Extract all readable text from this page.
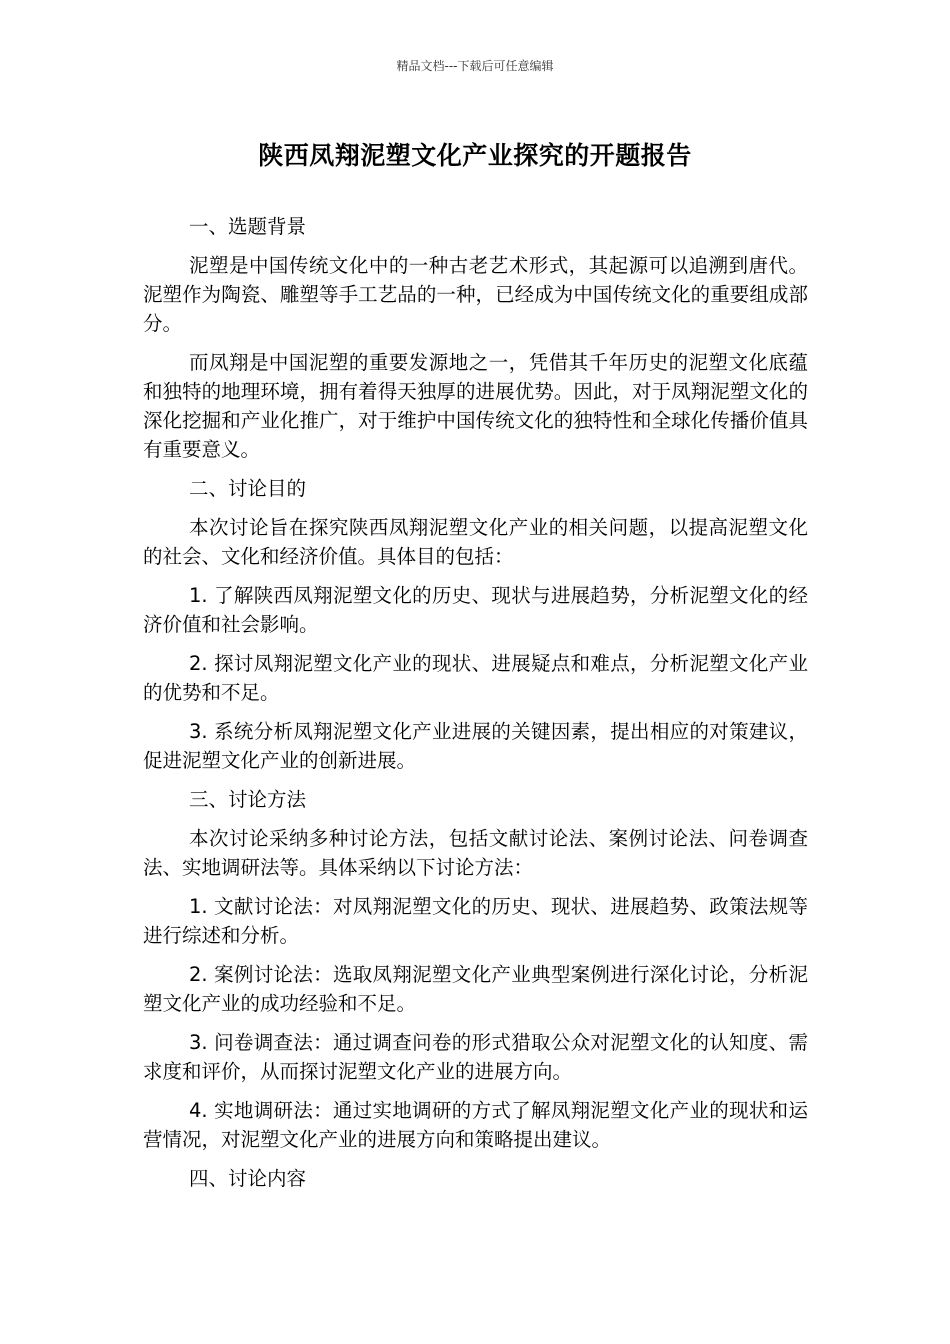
精品文档---下载后可任意编辑
陕西凤翔泥塑文化产业探究的开题报告

一、选题背景

泥塑是中国传统文化中的一种古老艺术形式，其起源可以追溯到唐代。泥塑作为陶瓷、雕塑等手工艺品的一种，已经成为中国传统文化的重要组成部分。

而凤翔是中国泥塑的重要发源地之一，凭借其千年历史的泥塑文化底蕴和独特的地理环境，拥有着得天独厚的进展优势。因此，对于凤翔泥塑文化的深化挖掘和产业化推广，对于维护中国传统文化的独特性和全球化传播价值具有重要意义。

二、讨论目的

本次讨论旨在探究陕西凤翔泥塑文化产业的相关问题，以提高泥塑文化的社会、文化和经济价值。具体目的包括：

1. 了解陕西凤翔泥塑文化的历史、现状与进展趋势，分析泥塑文化的经济价值和社会影响。

2. 探讨凤翔泥塑文化产业的现状、进展疑点和难点，分析泥塑文化产业的优势和不足。

3. 系统分析凤翔泥塑文化产业进展的关键因素，提出相应的对策建议，促进泥塑文化产业的创新进展。

三、讨论方法

本次讨论采纳多种讨论方法，包括文献讨论法、案例讨论法、问卷调查法、实地调研法等。具体采纳以下讨论方法：

1. 文献讨论法：对凤翔泥塑文化的历史、现状、进展趋势、政策法规等进行综述和分析。

2. 案例讨论法：选取凤翔泥塑文化产业典型案例进行深化讨论，分析泥塑文化产业的成功经验和不足。

3. 问卷调查法：通过调查问卷的形式猎取公众对泥塑文化的认知度、需求度和评价，从而探讨泥塑文化产业的进展方向。

4. 实地调研法：通过实地调研的方式了解凤翔泥塑文化产业的现状和运营情况，对泥塑文化产业的进展方向和策略提出建议。

四、讨论内容
